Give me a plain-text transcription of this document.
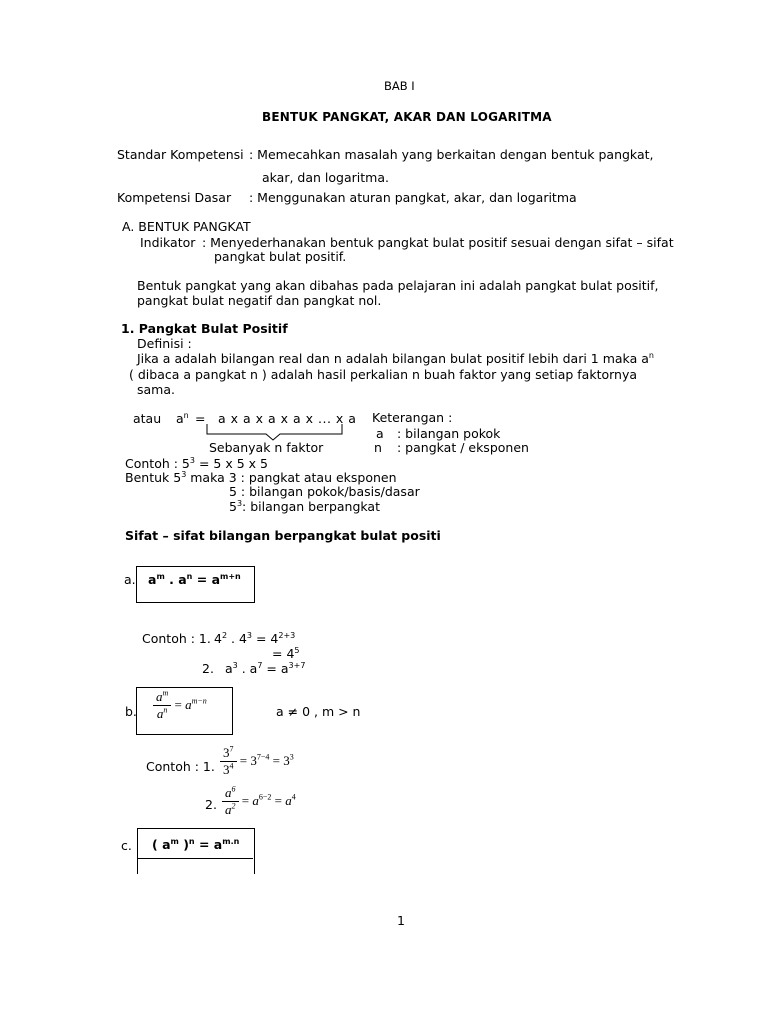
BAB I
BENTUK PANGKAT, AKAR DAN LOGARITMA
Standar Kompetensi : Memecahkan masalah yang berkaitan dengan bentuk pangkat,
akar, dan logaritma.
Kompetensi Dasar : Menggunakan aturan pangkat, akar, dan logaritma
A. BENTUK PANGKAT
Indikator : Menyederhanakan bentuk pangkat bulat positif sesuai dengan sifat – sifat
pangkat bulat positif.
Bentuk pangkat yang akan dibahas pada pelajaran ini adalah pangkat bulat positif,
pangkat bulat negatif dan pangkat nol.
1. Pangkat Bulat Positif
Definisi :
Jika a adalah bilangan real dan n adalah bilangan bulat positif lebih dari 1 maka $a^n$
( dibaca a pangkat n ) adalah hasil perkalian n buah faktor yang setiap faktornya
sama.
atau $a^n = a$ x a x a x a x ... x a
Sebanyak n faktor
Keterangan :
a : bilangan pokok
n : pangkat / eksponen
Contoh : $5^3 = 5$ x 5 x 5
Bentuk $5^3$ maka 3 : pangkat atau eksponen
5 : bilangan pokok/basis/dasar
$5^3$: bilangan berpangkat
Sifat – sifat bilangan berpangkat bulat positi
a. $a^m$ . $a^n = a^{m+n}$
Contoh : 1. $4^2$ . $4^3 = 4^{2+3}$
= $4^5$
2. $a^3$ . $a^7 = a^{3+7}$
b. $\frac{a^m}{a^n} = a^{m-n}$
a ≠ 0 , m > n
Contoh : 1. $\frac{3^7}{3^4} = 3^{7-4} = 3^3$
2. $\frac{a^6}{a^2} = a^{6-2} = a^4$
c. ( $a^m$ )$^n = a^{m.n}$
1
